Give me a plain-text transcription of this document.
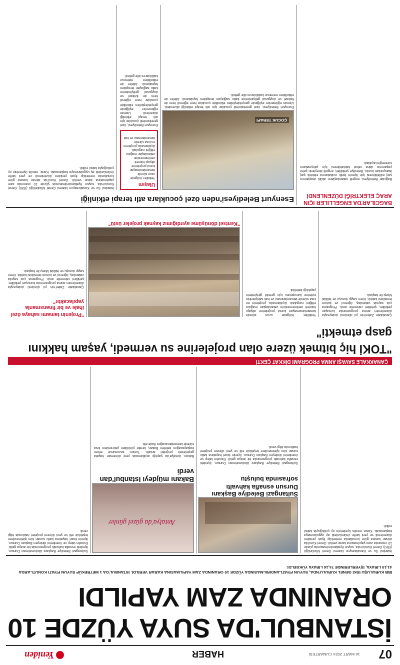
07
16 MART 2024 CUMARTESİ
HABER
Yeniden
İSTANBUL'DA SUYA YÜZDE 10
ORANINDA ZAM YAPILDI
İBB KURULUŞU İSKİ GENEL KURULU'NDA, SUYUN FİYATLANDIRILMASINDA YÜZDE 10 ORANINDA ZAM YAPILMASINA KARAR VERİLDİ. İSTANBUL'DA 1 METREKÜP SUYUN FİYATI KONUTLARDA 41,10 LİRAYA, İŞYERLERİNDE 74,16 LİRAYA YÜKSELDİ.
İstanbul Su ve Kanalizasyon İdaresi Genel Müdürlüğü (İSKİ) Genel Kurulu'nda, suyun fiyatlandırılmasında yüzde 10 oranında zam yapılmasına karar verildi. Genel Kurul'da alınan karara göre konutlarda metreküp fiyatı yeniden düzenlendi ve yeni tarife önümüzdeki ay uygulanmaya başlanacak. Karar, meclis üyelerinin oy çokluğuyla kabul edildi.
Sultangazi Belediye Başkanı Dursun esnafla kahvaltı sofrasında buluştu
Sultangazi Belediye Başkanı Abdurrahman Dursun, ilçedeki esnafla kahvaltı programında bir araya geldi. Esnafın talep ve önerilerini dinleyen Başkan Dursun, ilçenin ticari hayatına katkı sunan tüm işletmecilere teşekkür etti ve yeni dönem projeleri hakkında bilgi verdi.
Antalya'da güzel günler
Bakanı müjdeyi İstanbul'dan verdi
Bakan, Antalya'da yaptığı açıklamada yeni dönemde hayata geçirilecek projeleri anlattı. Turizm sezonunun erken başlayacağını belirten Bakan, kentte yürütülen yatırımların kısa sürede tamamlanacağını ifade etti.
Sultangazi Belediye Başkanı Abdurrahman Dursun, ilçedeki esnafla kahvaltı programında bir araya geldi. Esnafın talep ve önerilerini dinleyen Başkan Dursun, ilçenin ticari hayatına katkı sunan tüm işletmecilere teşekkür etti ve yeni dönem projeleri hakkında bilgi verdi.
ÇANAKKALE SAVAŞI ANMA PROGRAMI DİKKAT ÇEKTİ
"TOKİ hiç bitmek üzere olan projelerine su vermedi, yaşam hakkını gasp etmekti"
Çanakkale Zaferi'nin yıl dönümü dolayısıyla düzenlenen anma programında konuşan yetkililer, şehitleri rahmetle andı. Programa çok sayıda vatandaş, öğrenci ve kurum temsilcisi katıldı; tören saygı duruşu ve İstiklal Marşı ile başladı.
Yetkililer, bölgede uzun süredir tamamlanamayan konut projelerine altyapı hizmeti verilmemesinin vatandaşları mağdur ettiğini vurguladı. Açıklamada, projelerin en kısa sürede tamamlanması ve hak sahiplerinin evlerine kavuşması için gerekli girişimlerin yapıldığı belirtildi.
"Kentsel dönüşüme ayırdığımız kaynak projeler üstü"
"Projenin tamamı sahaya özel ihale ve bir finansmanla yapılacaktır"
Çanakkale Zaferi'nin yıl dönümü dolayısıyla düzenlenen anma programında konuşan yetkililer, şehitleri rahmetle andı. Programa çok sayıda vatandaş, öğrenci ve kurum temsilcisi katıldı; tören saygı duruşu ve İstiklal Marşı ile başladı.
BAĞCILAR'DA ENGELLİLER İÇİN ARAÇ ELEKTRİĞİ DÜZENLENDİ
Bağcılar Belediyesi, engelli vatandaşların akülü araçlarının şarj edilebilmesi için ilçenin farklı noktalarına elektrik şarj istasyonları kurdu. Belediye yetkilileri, engelli bireylerin şehir yaşamına daha rahat katılabilmesi için çalışmaların süreceğini açıkladı.
Esenyurt Belediyesi'nden özel çocuklara atlı terapi etkinliği
ÇOCUK TERAPİ
Esenyurt Belediyesi, özel gereksinimli çocuklar için atlı terapi etkinliği düzenledi. Uzman eğitmenler eşliğinde gerçekleştirilen etkinlikte çocuklar hem eğlendi hem de fiziksel ve duygusal gelişimlerine katkı sağlayan terapiden faydalandı. Aileler de etkinlikten memnun kaldıklarını dile getirdi.
Ulaşım
Yetkililer, bölgede uzun süredir tamamlanamayan konut projelerine altyapı hizmeti verilmemesinin vatandaşları mağdur ettiğini vurguladı. Açıklamada, projelerin en kısa sürede tamamlanması ve hak
Esenyurt Belediyesi, özel gereksinimli çocuklar için atlı terapi etkinliği düzenledi. Uzman eğitmenler eşliğinde gerçekleştirilen etkinlikte çocuklar hem eğlendi hem de fiziksel ve duygusal gelişimlerine katkı sağlayan terapiden faydalandı. Aileler de etkinlikten memnun kaldıklarını dile getirdi.
İstanbul Su ve Kanalizasyon İdaresi Genel Müdürlüğü (İSKİ) Genel Kurulu'nda, suyun fiyatlandırılmasında yüzde 10 oranında zam yapılmasına karar verildi. Genel Kurul'da alınan karara göre konutlarda metreküp fiyatı yeniden düzenlendi ve yeni tarife önümüzdeki ay uygulanmaya başlanacak. Karar, meclis üyelerinin oy çokluğuyla kabul edildi.
